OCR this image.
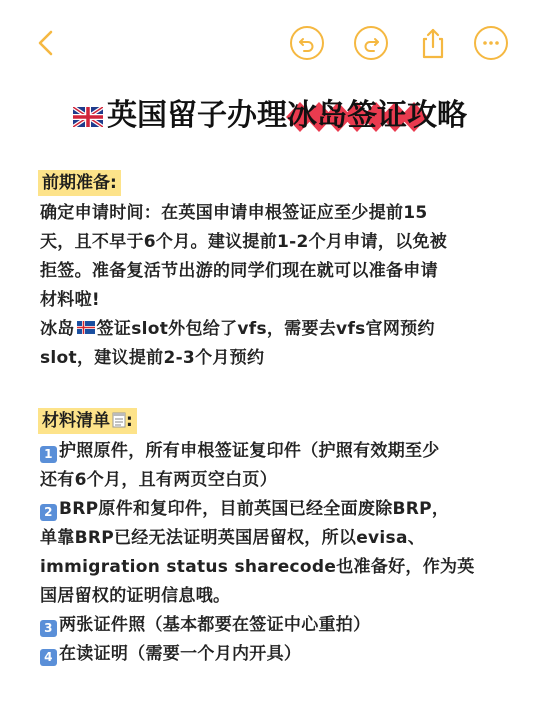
英国留子办理冰岛签证攻略
前期准备:
确定申请时间：在英国申请申根签证应至少提前15
天，且不早于6个月。建议提前1-2个月申请，以免被
拒签。准备复活节出游的同学们现在就可以准备申请
材料啦!
冰岛 签证slot外包给了vfs，需要去vfs官网预约
slot，建议提前2-3个月预约
材料清单 :
1 护照原件，所有申根签证复印件（护照有效期至少
还有6个月，且有两页空白页）
2 BRP原件和复印件，目前英国已经全面废除BRP，
单靠BRP已经无法证明英国居留权，所以evisa、
immigration status sharecode也准备好，作为英
国居留权的证明信息哦。
3 两张证件照（基本都要在签证中心重拍）
4 在读证明（需要一个月内开具）
